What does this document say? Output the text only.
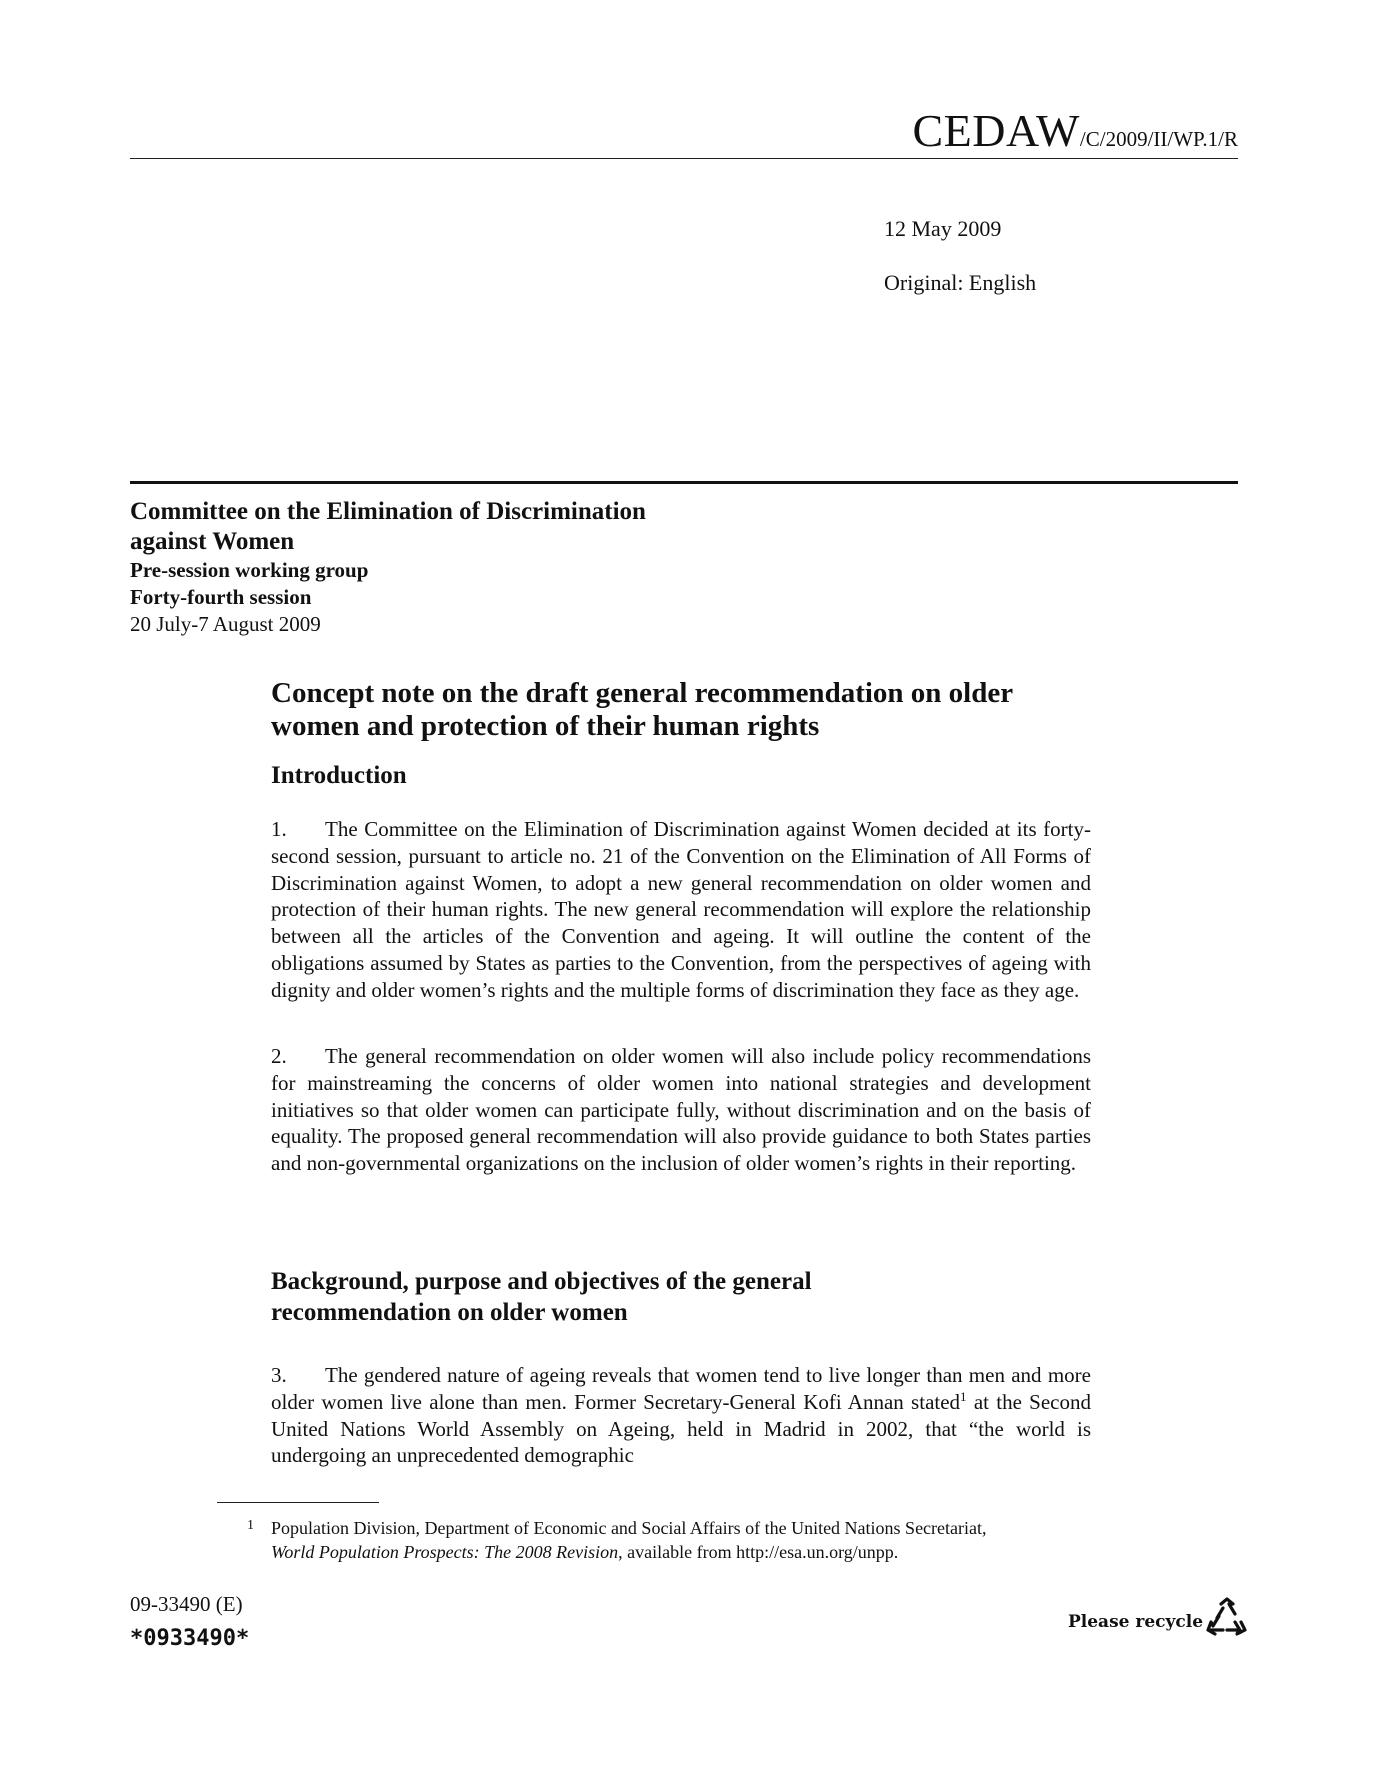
CEDAW/C/2009/II/WP.1/R
12 May 2009
Original: English
Committee on the Elimination of Discrimination
against Women
Pre-session working group
Forty-fourth session
20 July-7 August 2009
Concept note on the draft general recommendation on older
women and protection of their human rights
Introduction

1. The Committee on the Elimination of Discrimination against Women decided at its forty-second session, pursuant to article no. 21 of the Convention on the Elimination of All Forms of Discrimination against Women, to adopt a new general recommendation on older women and protection of their human rights. The new general recommendation will explore the relationship between all the articles of the Convention and ageing. It will outline the content of the obligations assumed by States as parties to the Convention, from the perspectives of ageing with dignity and older women’s rights and the multiple forms of discrimination they face as they age.

2. The general recommendation on older women will also include policy recommendations for mainstreaming the concerns of older women into national strategies and development initiatives so that older women can participate fully, without discrimination and on the basis of equality. The proposed general recommendation will also provide guidance to both States parties and non-governmental organizations on the inclusion of older women’s rights in their reporting.

Background, purpose and objectives of the general
recommendation on older women

3. The gendered nature of ageing reveals that women tend to live longer than men and more older women live alone than men. Former Secretary-General Kofi Annan stated$^1$ at the Second United Nations World Assembly on Ageing, held in Madrid in 2002, that “the world is undergoing an unprecedented demographic

1 Population Division, Department of Economic and Social Affairs of the United Nations Secretariat,
World Population Prospects: The 2008 Revision, available from http://esa.un.org/unpp.
09-33490 (E)
*0933490*
Please recycle
